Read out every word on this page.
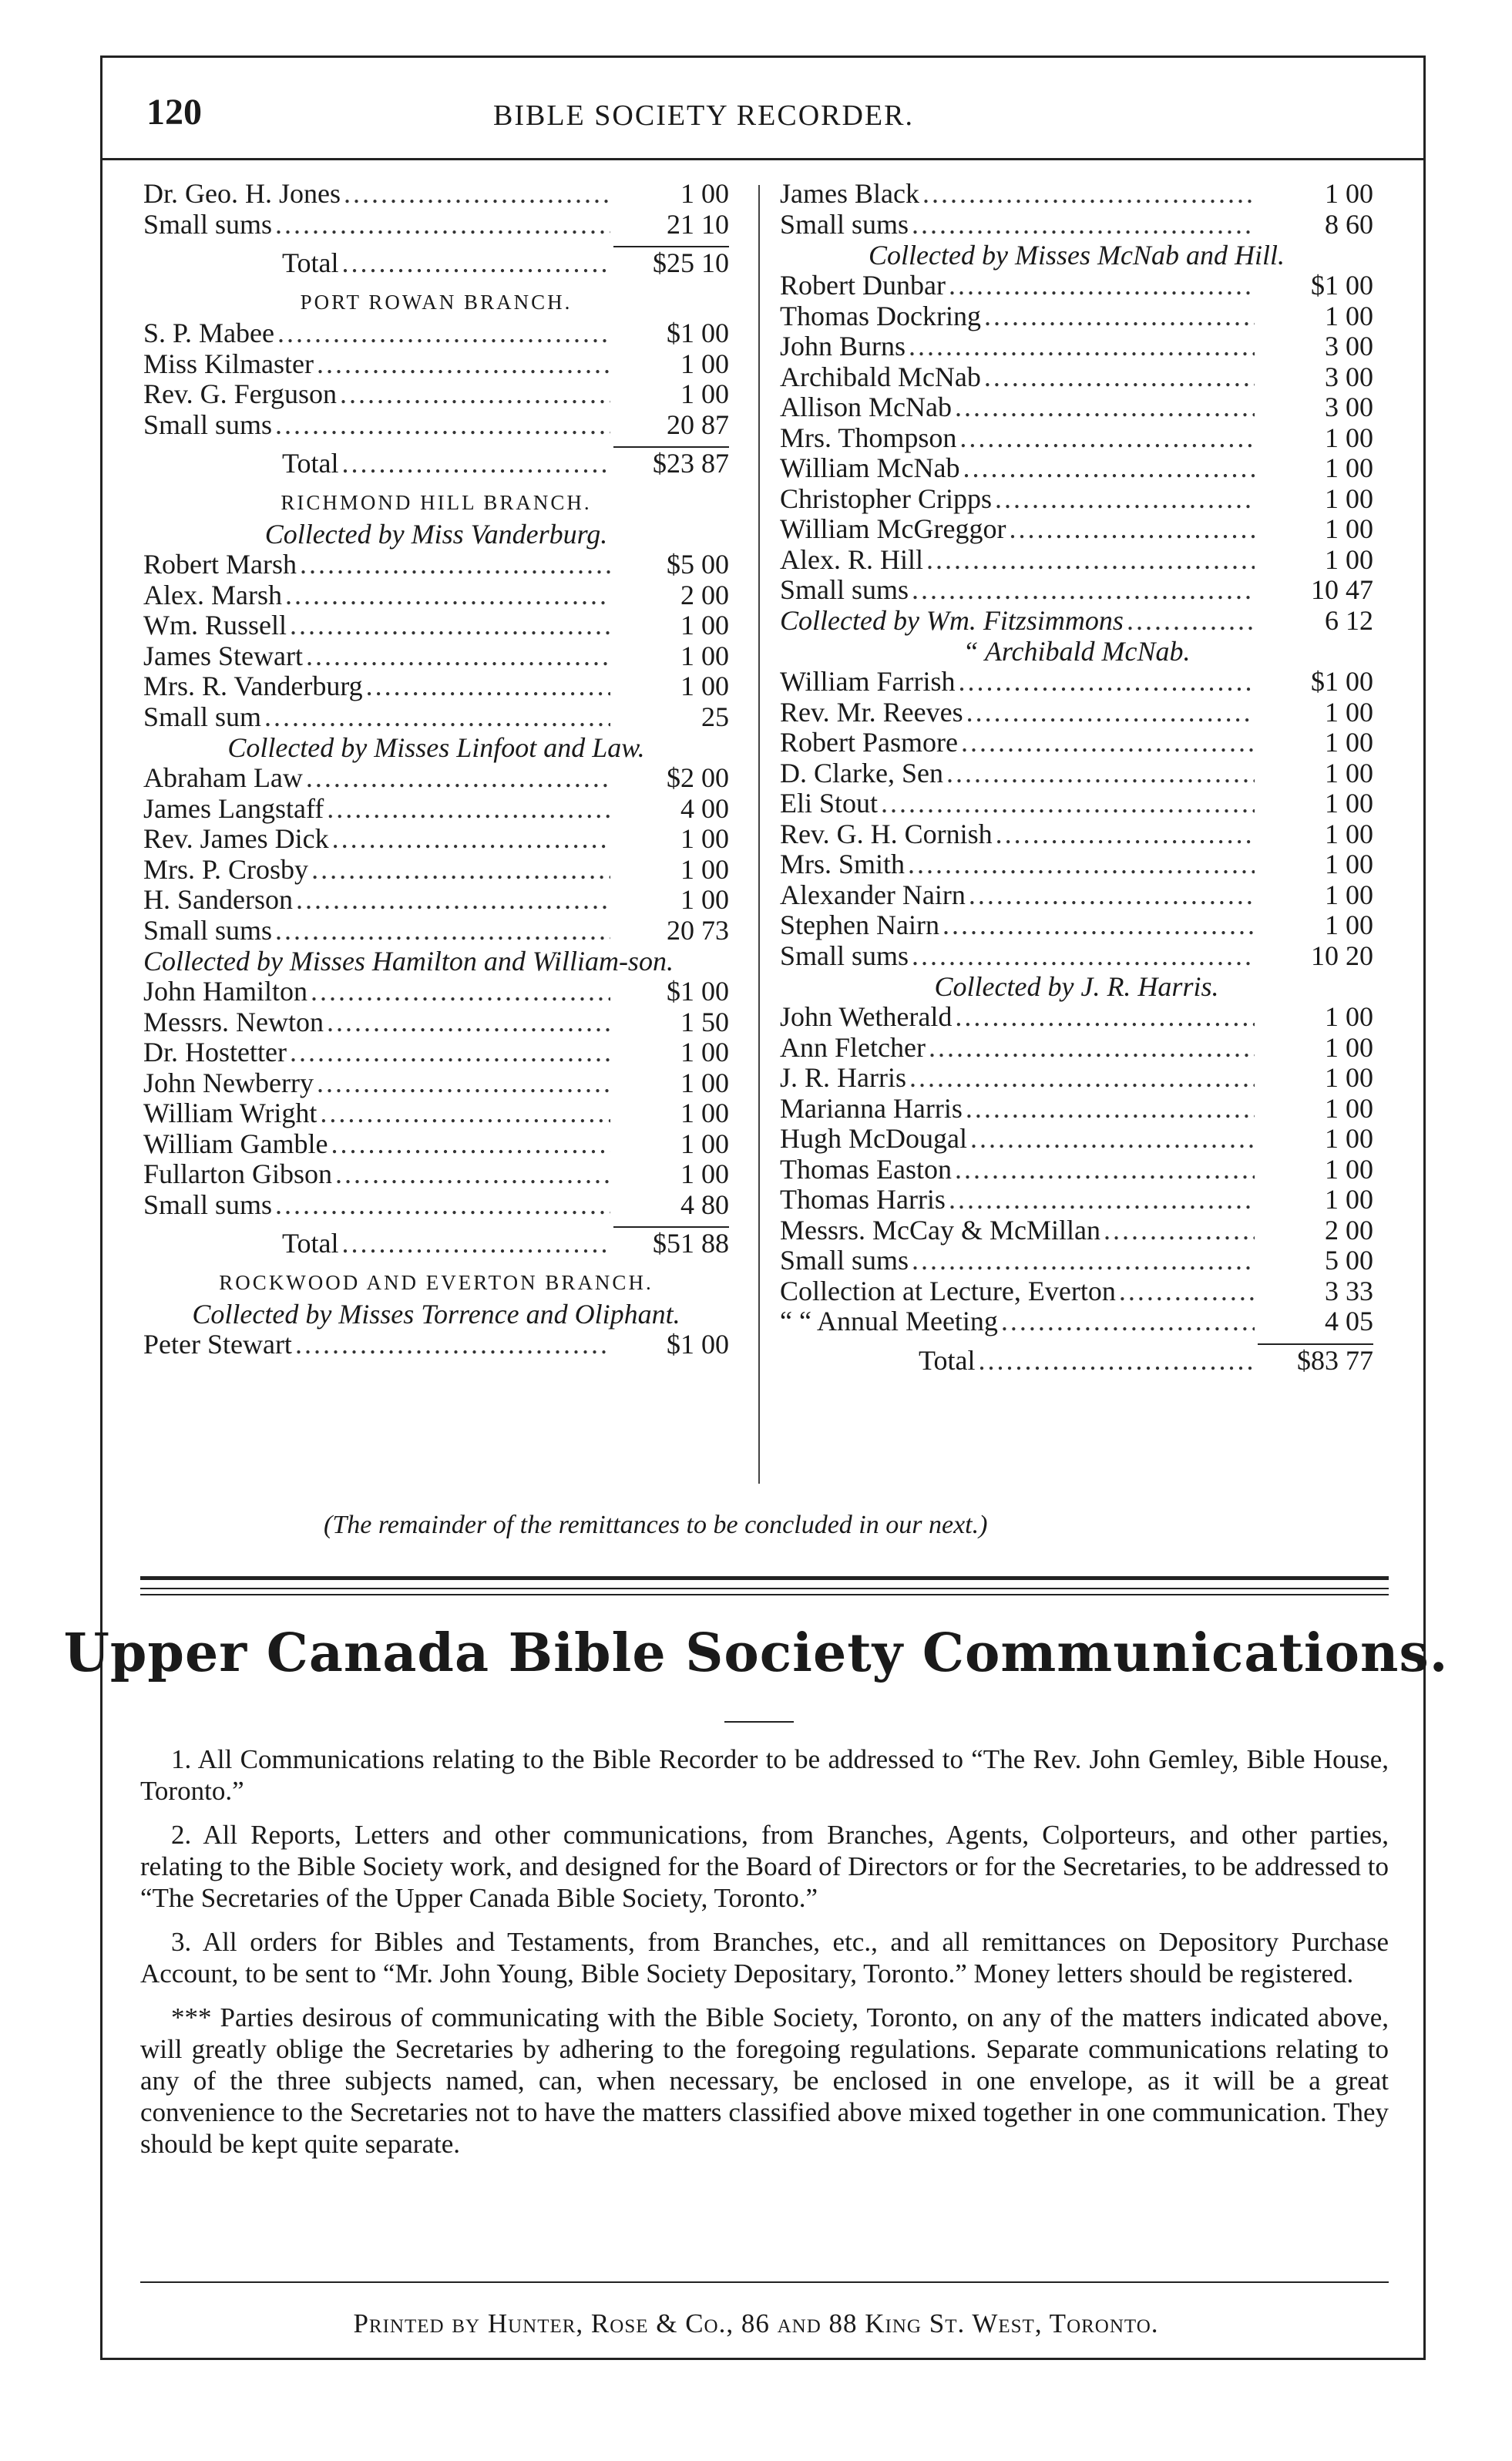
120	BIBLE SOCIETY RECORDER.
Dr. Geo. H. Jones .....	1 00
Small sums .....	21 10
Total .....	$25 10
PORT ROWAN BRANCH.
S. P. Mabee .....	$1 00
Miss Kilmaster .....	1 00
Rev. G. Ferguson .....	1 00
Small sums .....	20 87
Total .....	$23 87
RICHMOND HILL BRANCH.
Collected by Miss Vanderburg.
Robert Marsh .....	$5 00
Alex. Marsh .....	2 00
Wm. Russell .....	1 00
James Stewart .....	1 00
Mrs. R. Vanderburg .....	1 00
Small sum .....	25
Collected by Misses Linfoot and Law.
Abraham Law .....	$2 00
James Langstaff .....	4 00
Rev. James Dick .....	1 00
Mrs. P. Crosby .....	1 00
H. Sanderson .....	1 00
Small sums .....	20 73
Collected by Misses Hamilton and William-son.
John Hamilton .....	$1 00
Messrs. Newton .....	1 50
Dr. Hostetter .....	1 00
John Newberry .....	1 00
William Wright .....	1 00
William Gamble .....	1 00
Fullarton Gibson .....	1 00
Small sums .....	4 80
Total .....	$51 88
ROCKWOOD AND EVERTON BRANCH.
Collected by Misses Torrence and Oliphant.
Peter Stewart .....	$1 00
James Black .....	1 00
Small sums .....	8 60
Collected by Misses McNab and Hill.
Robert Dunbar .....	$1 00
Thomas Dockring .....	1 00
John Burns .....	3 00
Archibald McNab .....	3 00
Allison McNab .....	3 00
Mrs. Thompson .....	1 00
William McNab .....	1 00
Christopher Cripps .....	1 00
William McGreggor .....	1 00
Alex. R. Hill .....	1 00
Small sums .....	10 47
Collected by Wm. Fitzsimmons .....	6 12
“ Archibald McNab.
William Farrish .....	$1 00
Rev. Mr. Reeves .....	1 00
Robert Pasmore .....	1 00
D. Clarke, Sen .....	1 00
Eli Stout .....	1 00
Rev. G. H. Cornish .....	1 00
Mrs. Smith .....	1 00
Alexander Nairn .....	1 00
Stephen Nairn .....	1 00
Small sums .....	10 20
Collected by J. R. Harris.
John Wetherald .....	1 00
Ann Fletcher .....	1 00
J. R. Harris .....	1 00
Marianna Harris .....	1 00
Hugh McDougal .....	1 00
Thomas Easton .....	1 00
Thomas Harris .....	1 00
Messrs. McCay & McMillan .....	2 00
Small sums .....	5 00
Collection at Lecture, Everton .....	3 33
“ “ Annual Meeting .....	4 05
Total .....	$83 77
(The remainder of the remittances to be concluded in our next.)
Upper Canada Bible Society Communications.

1. All Communications relating to the Bible Recorder to be addressed to “The Rev. John Gemley, Bible House, Toronto.”

2. All Reports, Letters and other communications, from Branches, Agents, Colporteurs, and other parties, relating to the Bible Society work, and designed for the Board of Directors or for the Secretaries, to be addressed to “The Secretaries of the Upper Canada Bible Society, Toronto.”

3. All orders for Bibles and Testaments, from Branches, etc., and all remittances on Depository Purchase Account, to be sent to “Mr. John Young, Bible Society Depositary, Toronto.” Money letters should be registered.

*** Parties desirous of communicating with the Bible Society, Toronto, on any of the matters indicated above, will greatly oblige the Secretaries by adhering to the foregoing regulations. Separate communications relating to any of the three subjects named, can, when necessary, be enclosed in one envelope, as it will be a great convenience to the Secretaries not to have the matters classified above mixed together in one communication. They should be kept quite separate.

Printed by Hunter, Rose & Co., 86 and 88 King St. West, Toronto.
